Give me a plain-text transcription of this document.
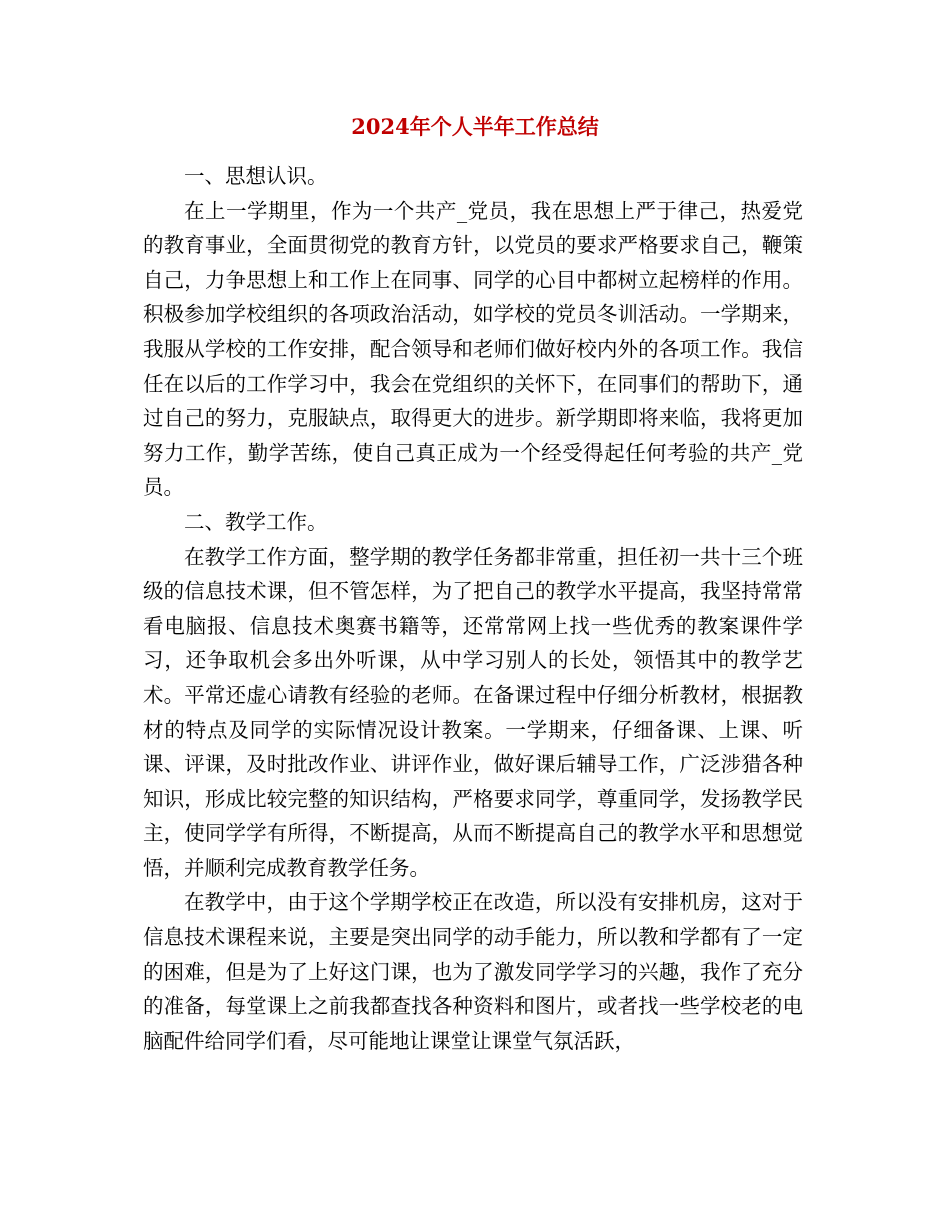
2024年个人半年工作总结

一、思想认识。

在上一学期里，作为一个共产_党员，我在思想上严于律己，热爱党的教育事业，全面贯彻党的教育方针，以党员的要求严格要求自己，鞭策自己，力争思想上和工作上在同事、同学的心目中都树立起榜样的作用。积极参加学校组织的各项政治活动，如学校的党员冬训活动。一学期来，我服从学校的工作安排，配合领导和老师们做好校内外的各项工作。我信任在以后的工作学习中，我会在党组织的关怀下，在同事们的帮助下，通过自己的努力，克服缺点，取得更大的进步。新学期即将来临，我将更加努力工作，勤学苦练，使自己真正成为一个经受得起任何考验的共产_党员。

二、教学工作。

在教学工作方面，整学期的教学任务都非常重，担任初一共十三个班级的信息技术课，但不管怎样，为了把自己的教学水平提高，我坚持常常看电脑报、信息技术奥赛书籍等，还常常网上找一些优秀的教案课件学习，还争取机会多出外听课，从中学习别人的长处，领悟其中的教学艺术。平常还虚心请教有经验的老师。在备课过程中仔细分析教材，根据教材的特点及同学的实际情况设计教案。一学期来，仔细备课、上课、听课、评课，及时批改作业、讲评作业，做好课后辅导工作，广泛涉猎各种知识，形成比较完整的知识结构，严格要求同学，尊重同学，发扬教学民主，使同学学有所得，不断提高，从而不断提高自己的教学水平和思想觉悟，并顺利完成教育教学任务。

在教学中，由于这个学期学校正在改造，所以没有安排机房，这对于信息技术课程来说，主要是突出同学的动手能力，所以教和学都有了一定的困难，但是为了上好这门课，也为了激发同学学习的兴趣，我作了充分的准备，每堂课上之前我都查找各种资料和图片，或者找一些学校老的电脑配件给同学们看，尽可能地让课堂让课堂气氛活跃，
